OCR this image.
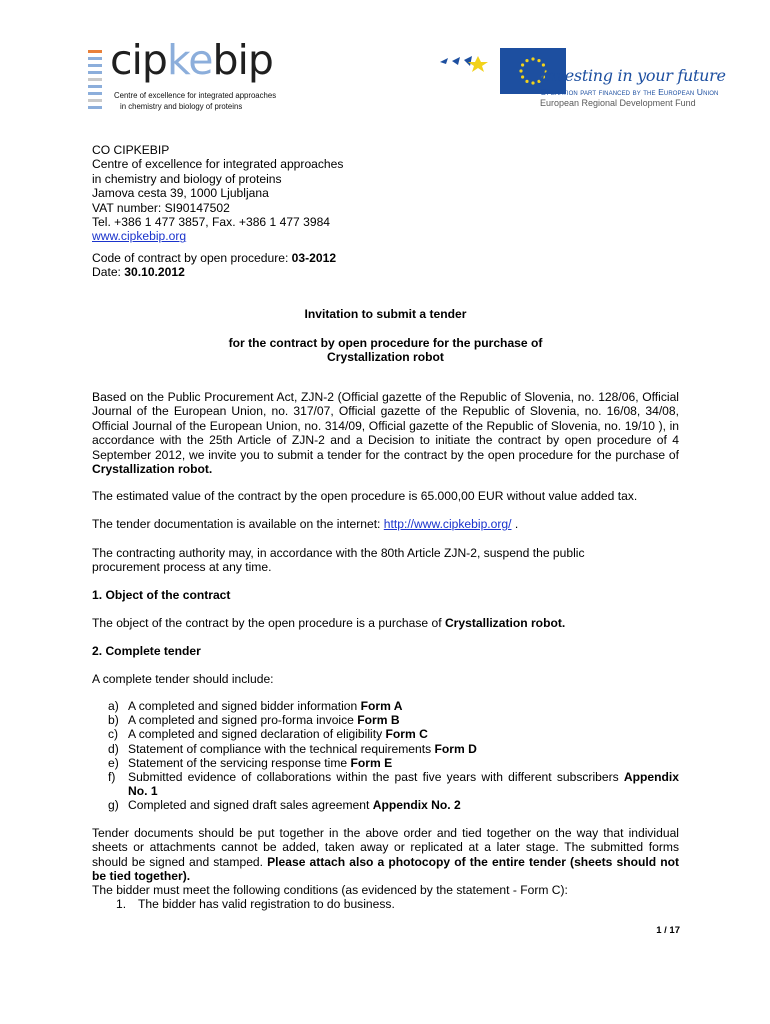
cipkebip
Centre of excellence for integrated approaches
in chemistry and biology of proteins
Investing in your future
Operation part financed by the European Union
European Regional Development Fund
CO CIPKEBIP
Centre of excellence for integrated approaches
in chemistry and biology of proteins
Jamova cesta 39, 1000 Ljubljana
VAT number: SI90147502
Tel. +386 1 477 3857, Fax. +386 1 477 3984
www.cipkebip.org
Code of contract by open procedure: 03-2012
Date: 30.10.2012
Invitation to submit a tender
for the contract by open procedure for the purchase of
Crystallization robot
Based on the Public Procurement Act, ZJN-2 (Official gazette of the Republic of Slovenia, no. 128/06, Official Journal of the European Union, no. 317/07, Official gazette of the Republic of Slovenia, no. 16/08, 34/08, Official Journal of the European Union, no. 314/09, Official gazette of the Republic of Slovenia, no. 19/10 ), in accordance with the 25th Article of ZJN-2 and a Decision to initiate the contract by open procedure of 4 September 2012, we invite you to submit a tender for the contract by the open procedure for the purchase of Crystallization robot.
The estimated value of the contract by the open procedure is 65.000,00 EUR without value added tax.
The tender documentation is available on the internet: http://www.cipkebip.org/ .
The contracting authority may, in accordance with the 80th Article ZJN-2, suspend the public procurement process at any time.
1. Object of the contract
The object of the contract by the open procedure is a purchase of Crystallization robot.
2. Complete tender
A complete tender should include:
a) A completed and signed bidder information Form A
b) A completed and signed pro-forma invoice Form B
c) A completed and signed declaration of eligibility Form C
d) Statement of compliance with the technical requirements Form D
e) Statement of the servicing response time Form E
f)	Submitted evidence of collaborations within the past five years with different subscribers Appendix No. 1
g) Completed and signed draft sales agreement Appendix No. 2
Tender documents should be put together in the above order and tied together on the way that individual sheets or attachments cannot be added, taken away or replicated at a later stage. The submitted forms should be signed and stamped. Please attach also a photocopy of the entire tender (sheets should not be tied together).
The bidder must meet the following conditions (as evidenced by the statement - Form C):
1. The bidder has valid registration to do business.
1 / 17
